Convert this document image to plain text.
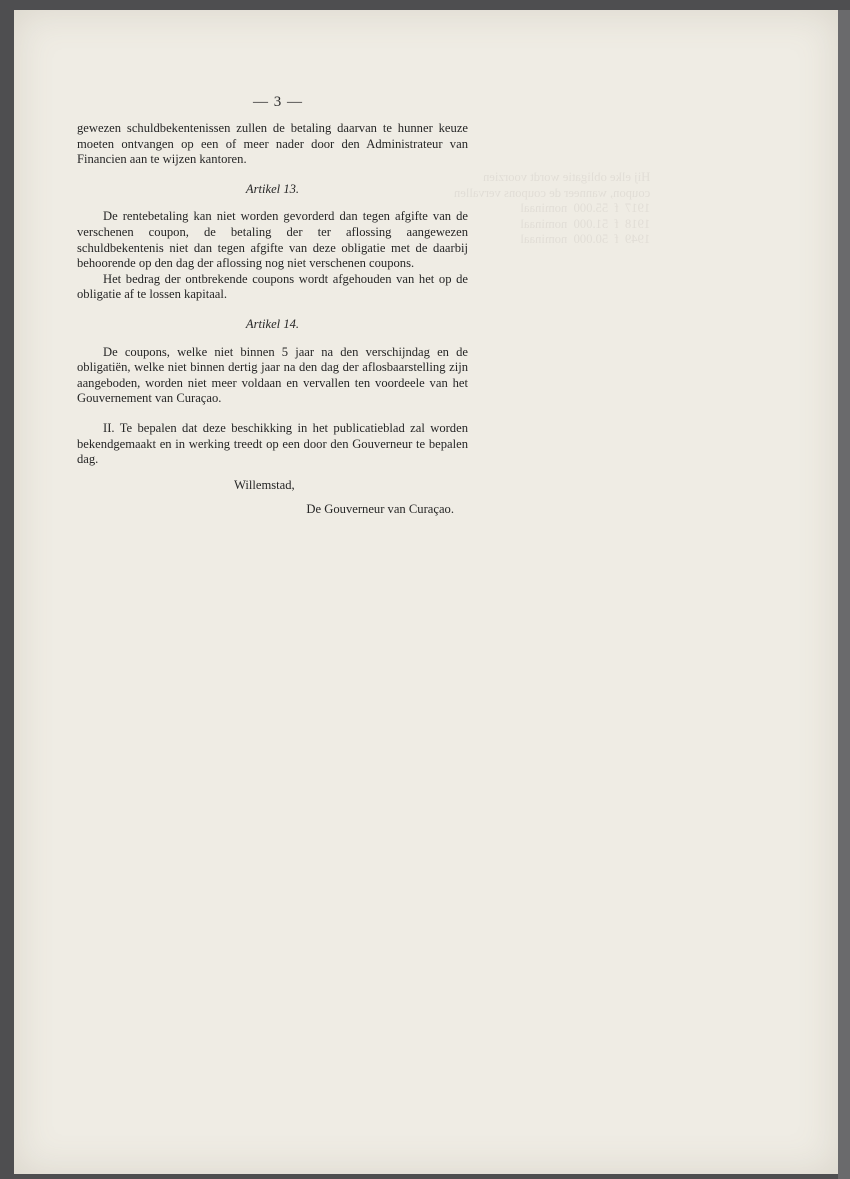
Hij elke obligatie wordt voorzien
coupon, wanneer de coupons vervallen
1917  f  55.000  nominaal
1918  f  51.000  nominaal
1949  f  50.000  nominaal
— 3 —

gewezen schuldbekentenissen zullen de betaling daarvan te hunner keuze moeten ontvangen op een of meer nader door den Administrateur van Financien aan te wijzen kantoren.

Artikel 13.

De rentebetaling kan niet worden gevorderd dan tegen afgifte van de verschenen coupon, de betaling der ter aflossing aangewezen schuldbekentenis niet dan tegen afgifte van deze obligatie met de daarbij behoorende op den dag der aflossing nog niet verschenen coupons.

Het bedrag der ontbrekende coupons wordt afgehouden van het op de obligatie af te lossen kapitaal.

Artikel 14.

De coupons, welke niet binnen 5 jaar na den verschijndag en de obligatiën, welke niet binnen dertig jaar na den dag der aflosbaarstelling zijn aangeboden, worden niet meer voldaan en vervallen ten voordeele van het Gouvernement van Curaçao.

II. Te bepalen dat deze beschikking in het publicatieblad zal worden bekendgemaakt en in werking treedt op een door den Gouverneur te bepalen dag.

Willemstad,
De Gouverneur van Curaçao.
